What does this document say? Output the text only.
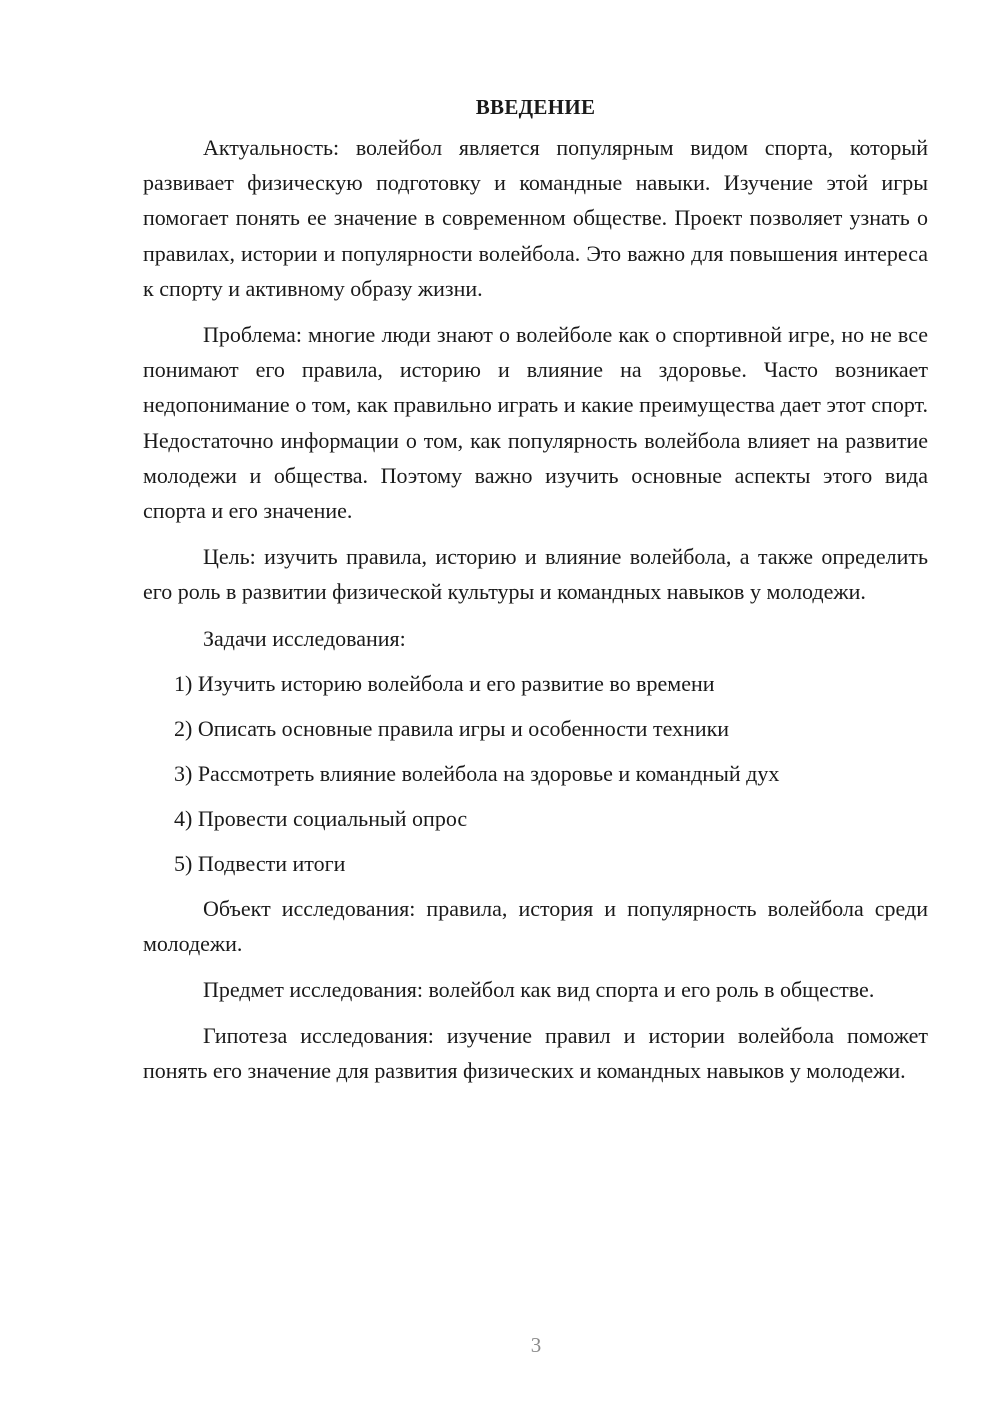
ВВЕДЕНИЕ

Актуальность: волейбол является популярным видом спорта, который развивает физическую подготовку и командные навыки. Изучение этой игры помогает понять ее значение в современном обществе. Проект позволяет узнать о правилах, истории и популярности волейбола. Это важно для повышения интереса к спорту и активному образу жизни.

Проблема: многие люди знают о волейболе как о спортивной игре, но не все понимают его правила, историю и влияние на здоровье. Часто возникает недопонимание о том, как правильно играть и какие преимущества дает этот спорт. Недостаточно информации о том, как популярность волейбола влияет на развитие молодежи и общества. Поэтому важно изучить основные аспекты этого вида спорта и его значение.

Цель: изучить правила, историю и влияние волейбола, а также определить его роль в развитии физической культуры и командных навыков у молодежи.

Задачи исследования:

1) Изучить историю волейбола и его развитие во времени
2) Описать основные правила игры и особенности техники
3) Рассмотреть влияние волейбола на здоровье и командный дух
4) Провести социальный опрос
5) Подвести итоги

Объект исследования: правила, история и популярность волейбола среди молодежи.

Предмет исследования: волейбол как вид спорта и его роль в обществе.

Гипотеза исследования: изучение правил и истории волейбола поможет понять его значение для развития физических и командных навыков у молодежи.

3
